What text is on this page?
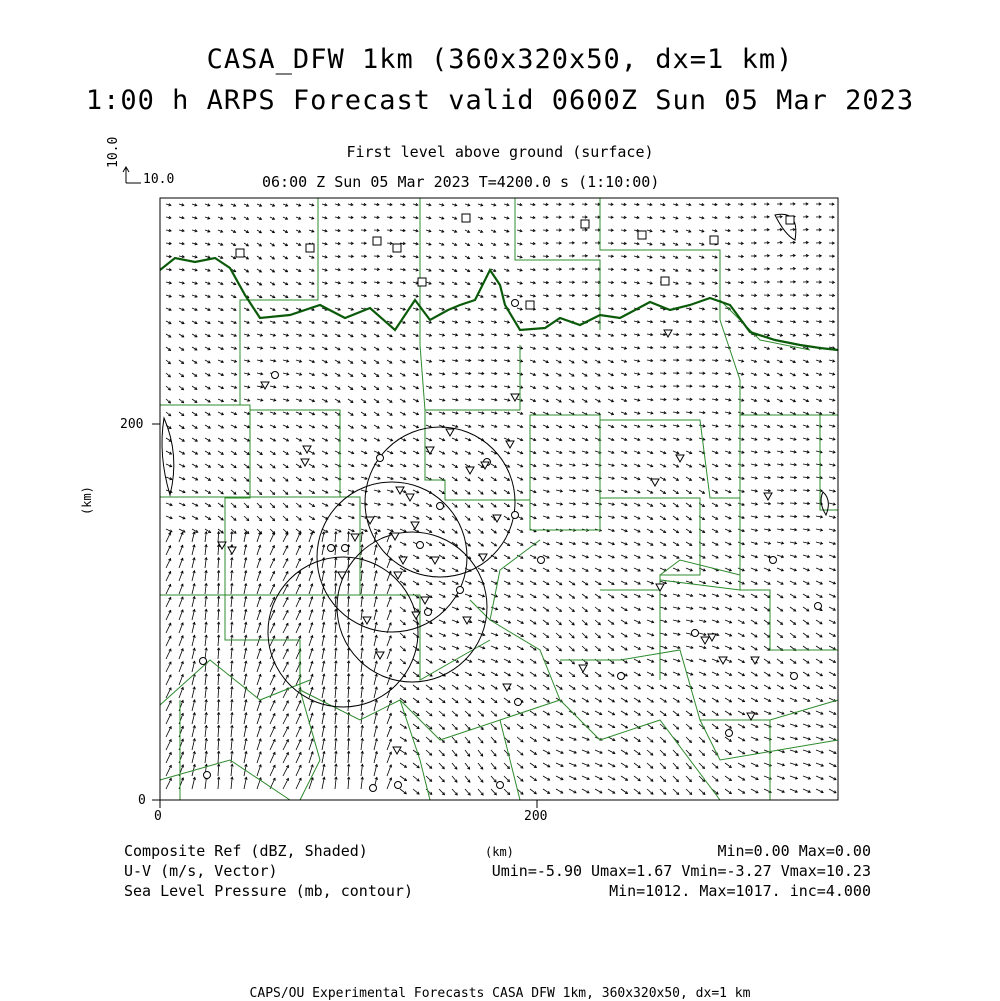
CASA_DFW 1km (360x320x50, dx=1 km)
1:00 h ARPS Forecast valid 0600Z Sun 05 Mar 2023
First level above ground (surface)
06:00 Z Sun 05 Mar 2023 T=4200.0 s (1:10:00)
10.0
10.0
0	200
0
200
(km)
(km)
Composite Ref (dBZ, Shaded)	Min=0.00 Max=0.00
U-V (m/s, Vector)	Umin=-5.90 Umax=1.67 Vmin=-3.27 Vmax=10.23
Sea Level Pressure (mb, contour)	Min=1012. Max=1017. inc=4.000
CAPS/OU Experimental Forecasts CASA DFW 1km, 360x320x50, dx=1 km
